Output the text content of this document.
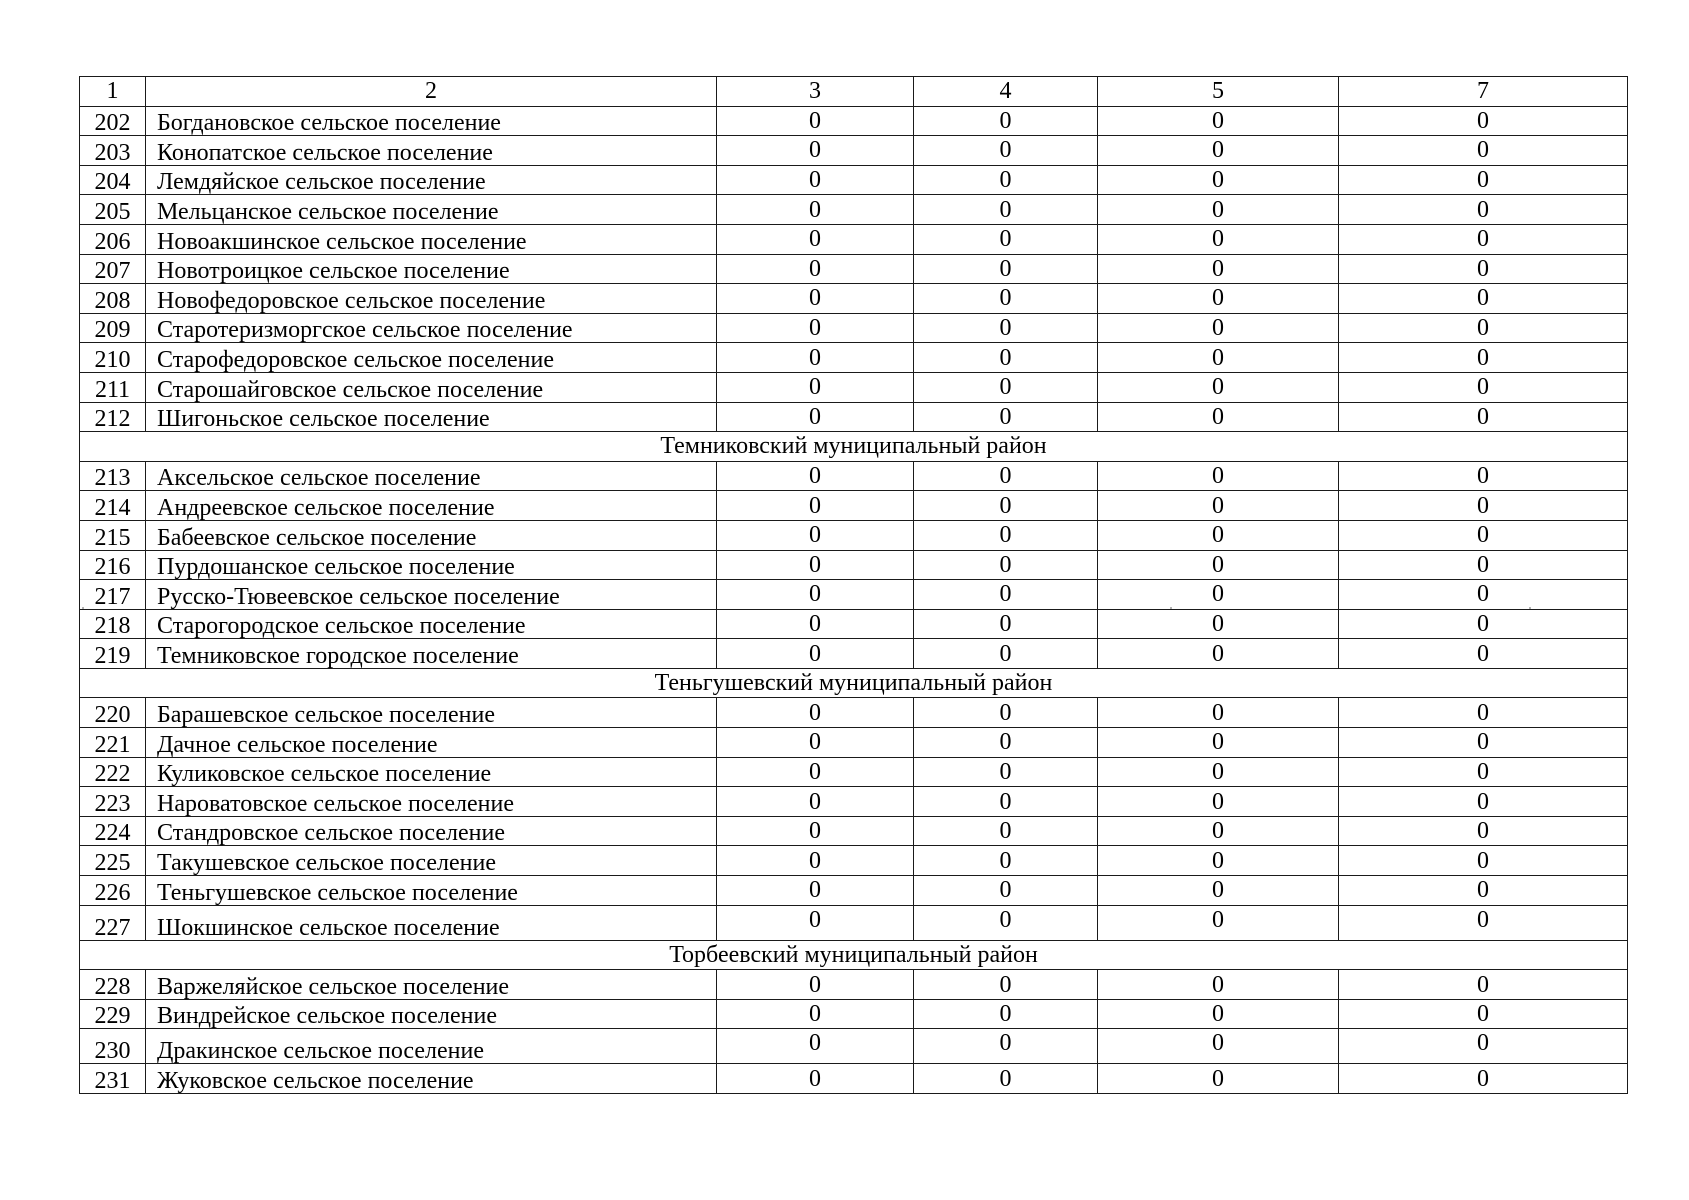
1	2	3	4	5	7
202	Богдановское сельское поселение	0	0	0	0
203	Конопатское сельское поселение	0	0	0	0
204	Лемдяйское сельское поселение	0	0	0	0
205	Мельцанское сельское поселение	0	0	0	0
206	Новоакшинское сельское поселение	0	0	0	0
207	Новотроицкое сельское поселение	0	0	0	0
208	Новофедоровское сельское поселение	0	0	0	0
209	Старотеризморгское сельское поселение	0	0	0	0
210	Старофедоровское сельское поселение	0	0	0	0
211	Старошайговское сельское поселение	0	0	0	0
212	Шигоньское сельское поселение	0	0	0	0
Темниковский муниципальный район					
213	Аксельское сельское поселение	0	0	0	0
214	Андреевское сельское поселение	0	0	0	0
215	Бабеевское сельское поселение	0	0	0	0
216	Пурдошанское сельское поселение	0	0	0	0
217	Русско-Тювеевское сельское поселение	0	0	0	0
218	Старогородское сельское поселение	0	0	0	0
219	Темниковское городское поселение	0	0	0	0
Теньгушевский муниципальный район					
220	Барашевское сельское поселение	0	0	0	0
221	Дачное сельское поселение	0	0	0	0
222	Куликовское сельское поселение	0	0	0	0
223	Нароватовское сельское поселение	0	0	0	0
224	Стандровское сельское поселение	0	0	0	0
225	Такушевское сельское поселение	0	0	0	0
226	Теньгушевское сельское поселение	0	0	0	0
227	Шокшинское сельское поселение	0	0	0	0
Торбеевский муниципальный район					
228	Варжеляйское сельское поселение	0	0	0	0
229	Виндрейское сельское поселение	0	0	0	0
230	Дракинское сельское поселение	0	0	0	0
231	Жуковское сельское поселение	0	0	0	0
